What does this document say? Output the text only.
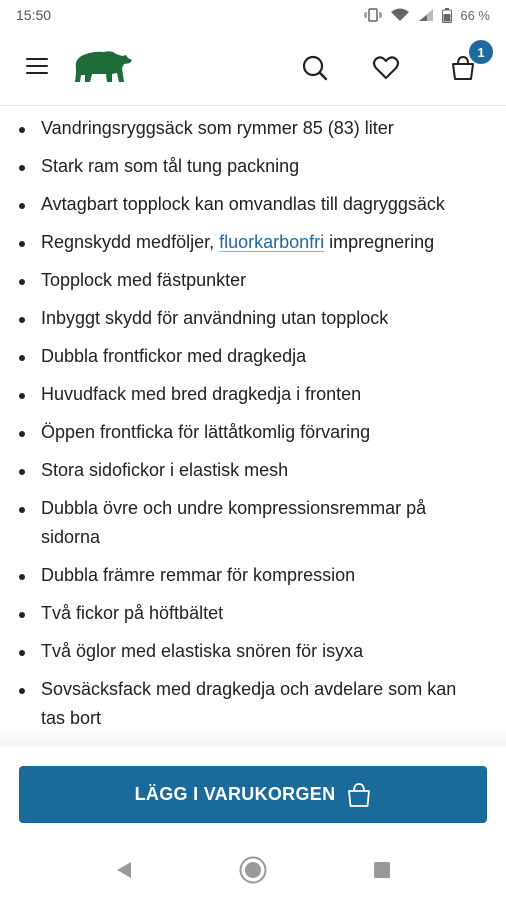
15:50	66 %
1
Vandringsryggsäck som rymmer 85 (83) liter
Stark ram som tål tung packning
Avtagbart topplock kan omvandlas till dagryggsäck
Regnskydd medföljer, fluorkarbonfri impregnering
Topplock med fästpunkter
Inbyggt skydd för användning utan topplock
Dubbla frontfickor med dragkedja
Huvudfack med bred dragkedja i fronten
Öppen frontficka för lättåtkomlig förvaring
Stora sidofickor i elastisk mesh
Dubbla övre och undre kompressionsremmar på sidorna
Dubbla främre remmar för kompression
Två fickor på höftbältet
Två öglor med elastiska snören för isyxa
Sovsäcksfack med dragkedja och avdelare som kan tas bort
LÄGG I VARUKORGEN
